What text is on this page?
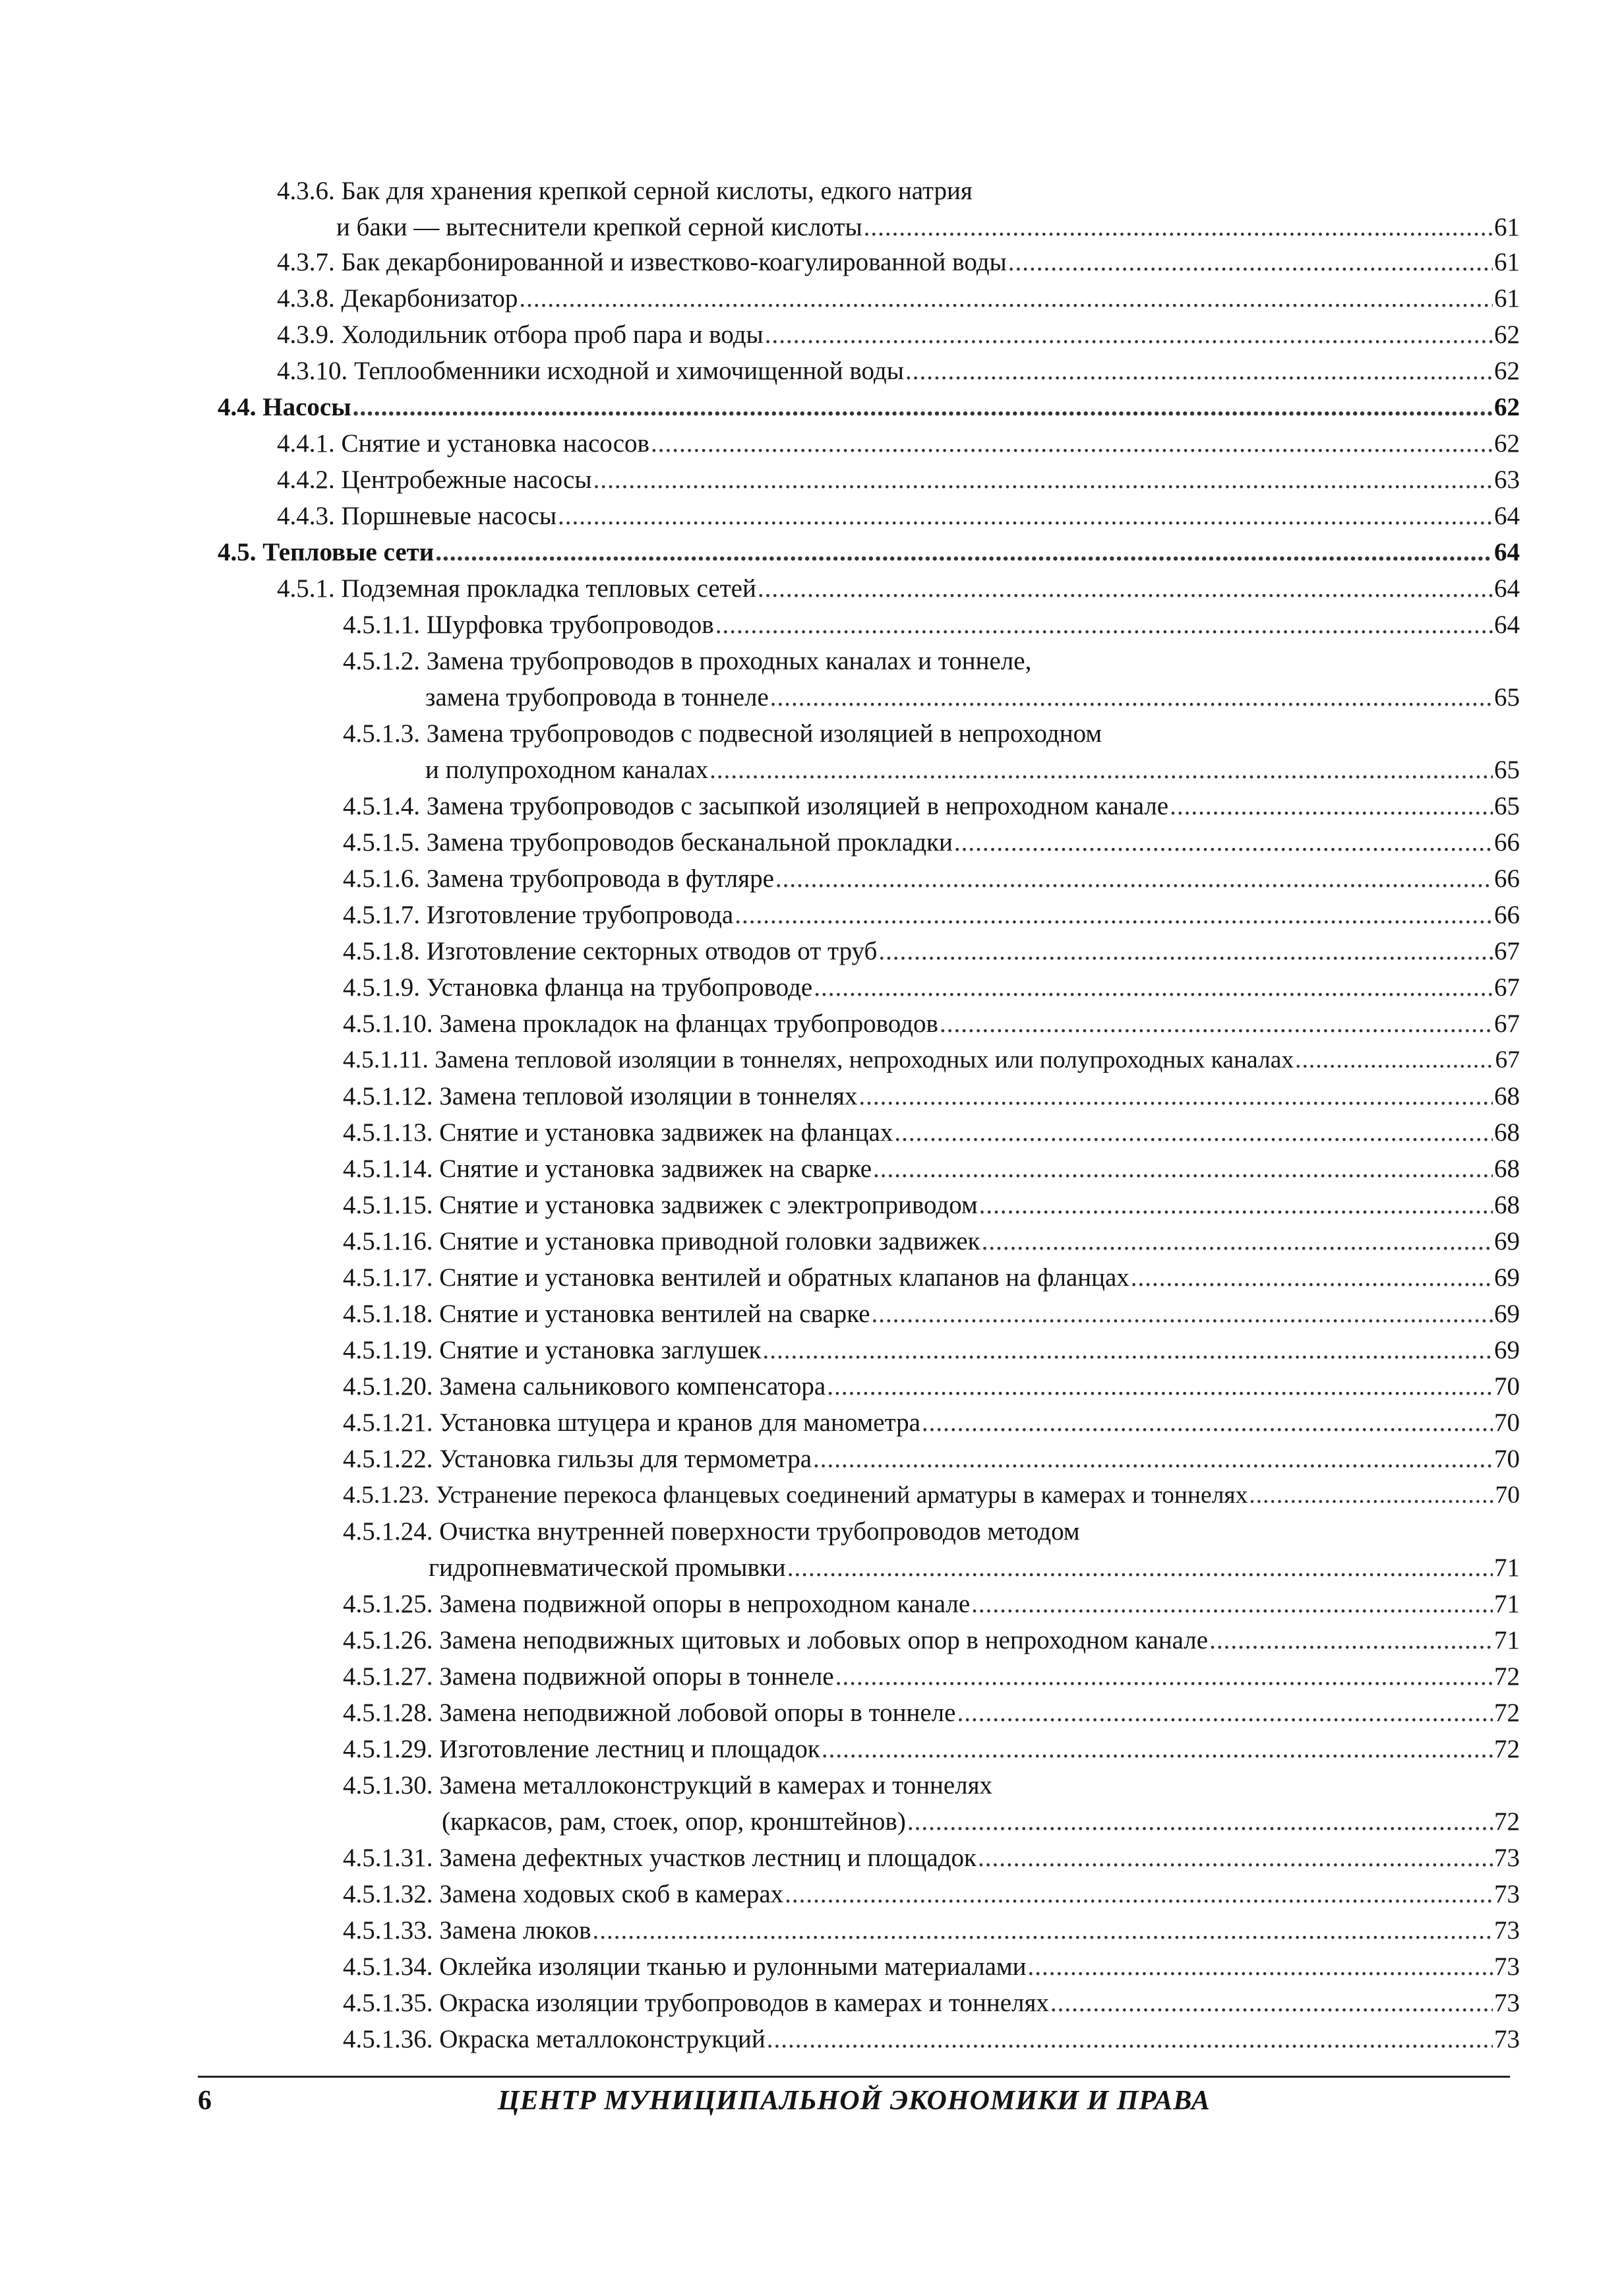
4.3.6. Бак для хранения крепкой серной кислоты, едкого натрия
и баки — вытеснители крепкой серной кислоты .....	61
4.3.7. Бак декарбонированной и известково-коагулированной воды .....	61
4.3.8. Декарбонизатор .....	61
4.3.9. Холодильник отбора проб пара и воды .....	62
4.3.10. Теплообменники исходной и химочищенной воды .....	62
4.4. Насосы .....	62
4.4.1. Снятие и установка насосов .....	62
4.4.2. Центробежные насосы .....	63
4.4.3. Поршневые насосы .....	64
4.5. Тепловые сети .....	64
4.5.1. Подземная прокладка тепловых сетей .....	64
4.5.1.1. Шурфовка трубопроводов .....	64
4.5.1.2. Замена трубопроводов в проходных каналах и тоннеле,
замена трубопровода в тоннеле .....	65
4.5.1.3. Замена трубопроводов с подвесной изоляцией в непроходном
и полупроходном каналах .....	65
4.5.1.4. Замена трубопроводов с засыпкой изоляцией в непроходном канале .....	65
4.5.1.5. Замена трубопроводов бесканальной прокладки .....	66
4.5.1.6. Замена трубопровода в футляре .....	66
4.5.1.7. Изготовление трубопровода .....	66
4.5.1.8. Изготовление секторных отводов от труб .....	67
4.5.1.9. Установка фланца на трубопроводе .....	67
4.5.1.10. Замена прокладок на фланцах трубопроводов .....	67
4.5.1.11. Замена тепловой изоляции в тоннелях, непроходных или полупроходных каналах .....	67
4.5.1.12. Замена тепловой изоляции в тоннелях .....	68
4.5.1.13. Снятие и установка задвижек на фланцах .....	68
4.5.1.14. Снятие и установка задвижек на сварке .....	68
4.5.1.15. Снятие и установка задвижек с электроприводом .....	68
4.5.1.16. Снятие и установка приводной головки задвижек .....	69
4.5.1.17. Снятие и установка вентилей и обратных клапанов на фланцах .....	69
4.5.1.18. Снятие и установка вентилей на сварке .....	69
4.5.1.19. Снятие и установка заглушек .....	69
4.5.1.20. Замена сальникового компенсатора .....	70
4.5.1.21. Установка штуцера и кранов для манометра .....	70
4.5.1.22. Установка гильзы для термометра .....	70
4.5.1.23. Устранение перекоса фланцевых соединений арматуры в камерах и тоннелях .....	70
4.5.1.24. Очистка внутренней поверхности трубопроводов методом
гидропневматической промывки .....	71
4.5.1.25. Замена подвижной опоры в непроходном канале .....	71
4.5.1.26. Замена неподвижных щитовых и лобовых опор в непроходном канале .....	71
4.5.1.27. Замена подвижной опоры в тоннеле .....	72
4.5.1.28. Замена неподвижной лобовой опоры в тоннеле .....	72
4.5.1.29. Изготовление лестниц и площадок .....	72
4.5.1.30. Замена металлоконструкций в камерах и тоннелях
(каркасов, рам, стоек, опор, кронштейнов) .....	72
4.5.1.31. Замена дефектных участков лестниц и площадок .....	73
4.5.1.32. Замена ходовых скоб в камерах .....	73
4.5.1.33. Замена люков .....	73
4.5.1.34. Оклейка изоляции тканью и рулонными материалами .....	73
4.5.1.35. Окраска изоляции трубопроводов в камерах и тоннелях .....	73
4.5.1.36. Окраска металлоконструкций .....	73
6	ЦЕНТР МУНИЦИПАЛЬНОЙ ЭКОНОМИКИ И ПРАВА
